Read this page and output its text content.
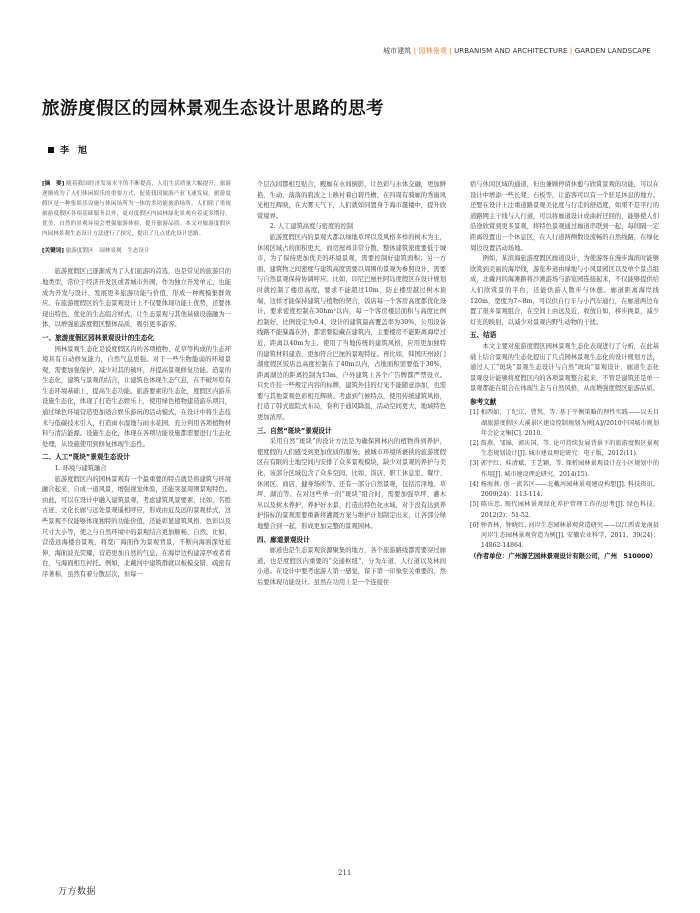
城市建筑 | 园林景观 | URBANISM AND ARCHITECTURE | GARDEN LANDSCAPE
旅游度假区的园林景观生态设计思路的思考
李　旭

[摘　要] 随着我国经济发展水平的不断提高，人们生活质量大幅提升，旅游逐渐成为了人们休闲娱乐的重要方式，促使我国旅游产业飞速发展，旅游度假区是一种集娱乐设施与休闲场所为一体的多功能旅游场所。人们除了重视旅游度假区各项基础服务以外，更对度假区内园林绿化景观有着更多期待。优美、自然的景观环境会增强旅游体验，提升旅游品质。本文对旅游度假区内园林景观生态设计方法进行了探究，提出了几点优化设计思路。

[关键词] 旅游度假区　园林景观　生态设计

旅游度假区已逐渐成为了人们旅游的首选，也是常见的旅游目的地类型，常位于经济开发区或者城市外围，作为独立开发单元，也能成为开发与设计、发展更多旅游功能与价值，形成一种规模集群效应。在旅游度假区的生态景观设计上不仅要体现功能上优势，还要体现出特色、优化的生态组合样式，让生态景观与其他基础设施融为一体，以增强旅游度假区整体品质，吸引更多游客。

一、旅游度假区园林景观设计的生态化

园林景观生态化是说度假区内的各项植物、花草等构成的生态环境具有自动修复能力，自然气息更强。对于一些生物脆弱的环境景观，需要加强保护，减少对其的破坏，并提高景观修复功能。造景的生态化，建筑与景观的结合，让建筑也体现生态气息，在不破坏原有生态环境基础上，提高生态功能。旅游要素的生态化，度假区内游乐设施生态化，体现了打造生态娱乐上，使用绿色植物建造游乐项目，通过绿色环境营造更加适合娱乐游玩的活动模式，在设计中将生态技术与低碳技术引入，打造雨水湿地与雨水花园，充分利用各项植物材料与清洁能源。设施生态化，体现在各项功能设施都需要进行生态化处理，从设施使用到修复体现生态性。

二、人工“斑块”景观生态设计

1. 环境与建筑融合

旅游度假区内的园林景观有一个最重要的特点就是将建筑与环境融合起来，自成一道风景，增强视觉体验，还能突显周围景观特色。由此，可以在设计中融入建筑景观，考虑建筑风景要素，比如，名胜古迹、文化长廊与远处景观遥相呼应，形成由近及远的景观样式，这些景观不仅能够体现独特的功能价值，还能彰显建筑风格、色彩以及尺寸大小等，使之与自然环境中的景观结合更加顺畅、自然。比如，营造远海楼台景观，将宽广海面作为景观背景，不断向海面深处延伸，海面波光荧耀，营造更加自然的气息，在海岸边构建凉亭或者看台，与海面相互衬托。例如，北戴河中建筑群就以板模交错、疏密有序著称，虽然有着分散层次，但每一

个层次间都相互贴合，殿廊在水间倒影，让色彩与水体交融，更加鲜艳、生动，落落的碧波之上映衬着白碧丹檐，在四周有骑廊的秀丽风光相互辉映，在大雾天气下，人们就如同置身于海市蜃楼中，提升欣赏境界。

2. 人工建筑高度与密度的控制

旅游度假区内的景观大都以绿地草坪以及风格多样的树木为主，休闲区域占的面积更大，而房屋却非常分散，整体建筑密度要低于城市，为了保持更加优美的环境景观，需要控制好建筑面积；另一方面，建筑物之间密度与建筑高度需要以周围的景观为参照设计，需要与自然景观保持协调呼应。比如，印尼巴厘杜阿岛度假区在设计规划时就控制了楼房高度，要求不能超过10m，防止楼房越过树木顶端，这样才能保持建筑与植物的契合，饭店每一个客房高度都优化设计，要求密度控制在30hm²以内，每一个客房楼层面积与高度比例控制好，比例设定为0.4，设计的建筑最高覆盖率为30%，公用设备线路不能暴露在外，都需要隐藏在建筑内，主要楼房不能距离海岸过近，距离以40m为主。使用了当地传统的建筑风格，应用更加独特的建筑材料建造，更加符合巴厘的景观特征。再比如，韩国庆州波门湖度假区饭店总高度控制在了40m以内，占地面积需要低于30%，距离湖边的距离控制为13m，户外建筑上各个广告牌都严禁设立。只允许挂一些规定内容的标牌，建筑外挂的灯光不能随意添加，也需要与其他景观色彩相互辉映。考虑到气候特点，使用传统建筑风格，打造了韩式庭院式布局，有利于通风降温，活动空间更大，地域特色更加浓厚。

三、自然“斑块”景观设计

采用自然“斑块”的设计方法是为确保园林内的植物得到养护，使度假的人们感受到更加优质的服务。被城市环境所裹挟的旅游度假区在有限的土地空间内安排了众多景观模块，缺少对景观的养护与美化，该部分区域包含了众多空间，比如，饭店、职工休息室、餐厅、休闲区、商店、健身场所等。还有一部分自然景观，包括沼泽地、草坪、湖泊等。在对这些单一的“斑块”组合时，需要加强草坪、灌木丛以及树木养护，养护好水景，打造出特色化水域，对于没有达到养护指标的景观需要重新将灌溉方案与维护计划制定出来，让各部分绿地整合到一起，形成更加完整的景观园林。

四、廊道景观设计

廊道也是生态景观资源聚集的地方，各个旅游路线都需要穿过廊道，也是度假区内重要的“交通枢纽”，分为车道、人行道以及林间小道。在设计中要考虑游人第一感觉，留下第一印象至关重要的，然后要体现功能设计。虽然在功用上是一个连接住

宿与休闲区域的通道，但也兼顾停留休憩与欣赏景观的功能，可以在设计中增添一些长凳、石板等，让游客可以有一个驻足休息的地方。还要在设计上注重道路景观美化度与行走的舒适度，如果不是平行的道路网主干线与人行道，可以将廊道设计成曲折迂回的，能够使人们沿途欣赏到更多景观，将特色景观通过廊道串联到一起，每间隔一定距离设置出一个休息区，在人行道两侧数设流畅的自然线路，在绿化周边设置活动场地。

例如，某滨海旅游度假区廊道设计，为使游客在漫步海滨时能够欣赏到美丽的海岸线，游览步道由绿地与小风景园区以及单个景点组成，北戴河的海滩路将沙滩游场与游览园连接起来，不仅能够提供给人们欣赏景的平台，还能供游人散步与休憩。廊道距离海岸线120m，宽度为7~8m，可以供自行车与小汽车通行，在廊道两边布置了很多景观组合，在空间上由远及近，收放自如，移步换景，减少灯光的映射，以减少对景观内野生动物的干扰。

五、结语

本文主要对旅游度假区园林景观生态化表现进行了分析，在此基础上结合景观的生态化提出了几点园林景观生态化的设计规划方法，通过人工“斑块”景观生态设计与自然“斑块”景观设计、廊道生态化景观设计能够将度假区内的各项景观整合起来，不管是建筑还是单一景观都能在组合在体现生态与自然风格，从而增强度假区旅游品质。

参考文献

[1] 相西如，丁纪江，曹隽，等. 基于平衡策略的理性实践——以天目湖旅游度假区大溪景区建设控制规划为例[A]//2010中国城市规划年会论文集[C]. 2010.

[2] 詹燕，邹锦，郭庆国，等. 论可持续发展背景下的旅游度假区景观生态规划设计[J]. 城市建设理论研究：电子版，2012(11).

[3] 郭宇红，桂清斌，王艺颖，等. 探析园林景观设计在小区规划中的作用[J]. 城市建设理论研究，2014(15).

[4] 杨海燕. 创一流名区——北戴河园林景观建设构想[J]. 科技资讯，2009(24)：113-114.

[5] 陈庆忠. 现代园林景观绿化养护管理工作的思考[J]. 绿色科技，2012(2)：51-52.

[6] 钟晋林，钟晓红. 河岸生态园林景观营造研究——以江西省龙南县河岸生态园林景观营造为例[J]. 安徽农业科学，2011，39(24)：14862-14864.

（作者单位：广州源艺园林景观设计有限公司，广州　510000）

211
万方数据
